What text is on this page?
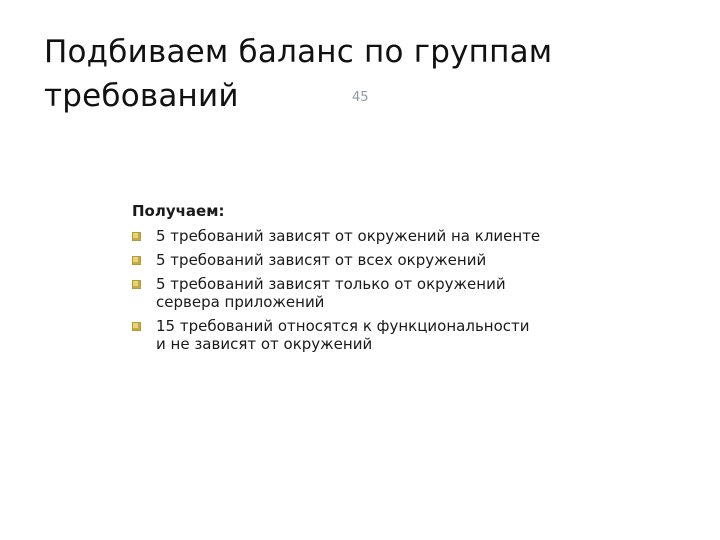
Подбиваем баланс по группам
требований	45
Получаем:
5 требований зависят от окружений на клиенте
5 требований зависят от всех окружений
5 требований зависят только от окружений
сервера приложений
15 требований относятся к функциональности
и не зависят от окружений
